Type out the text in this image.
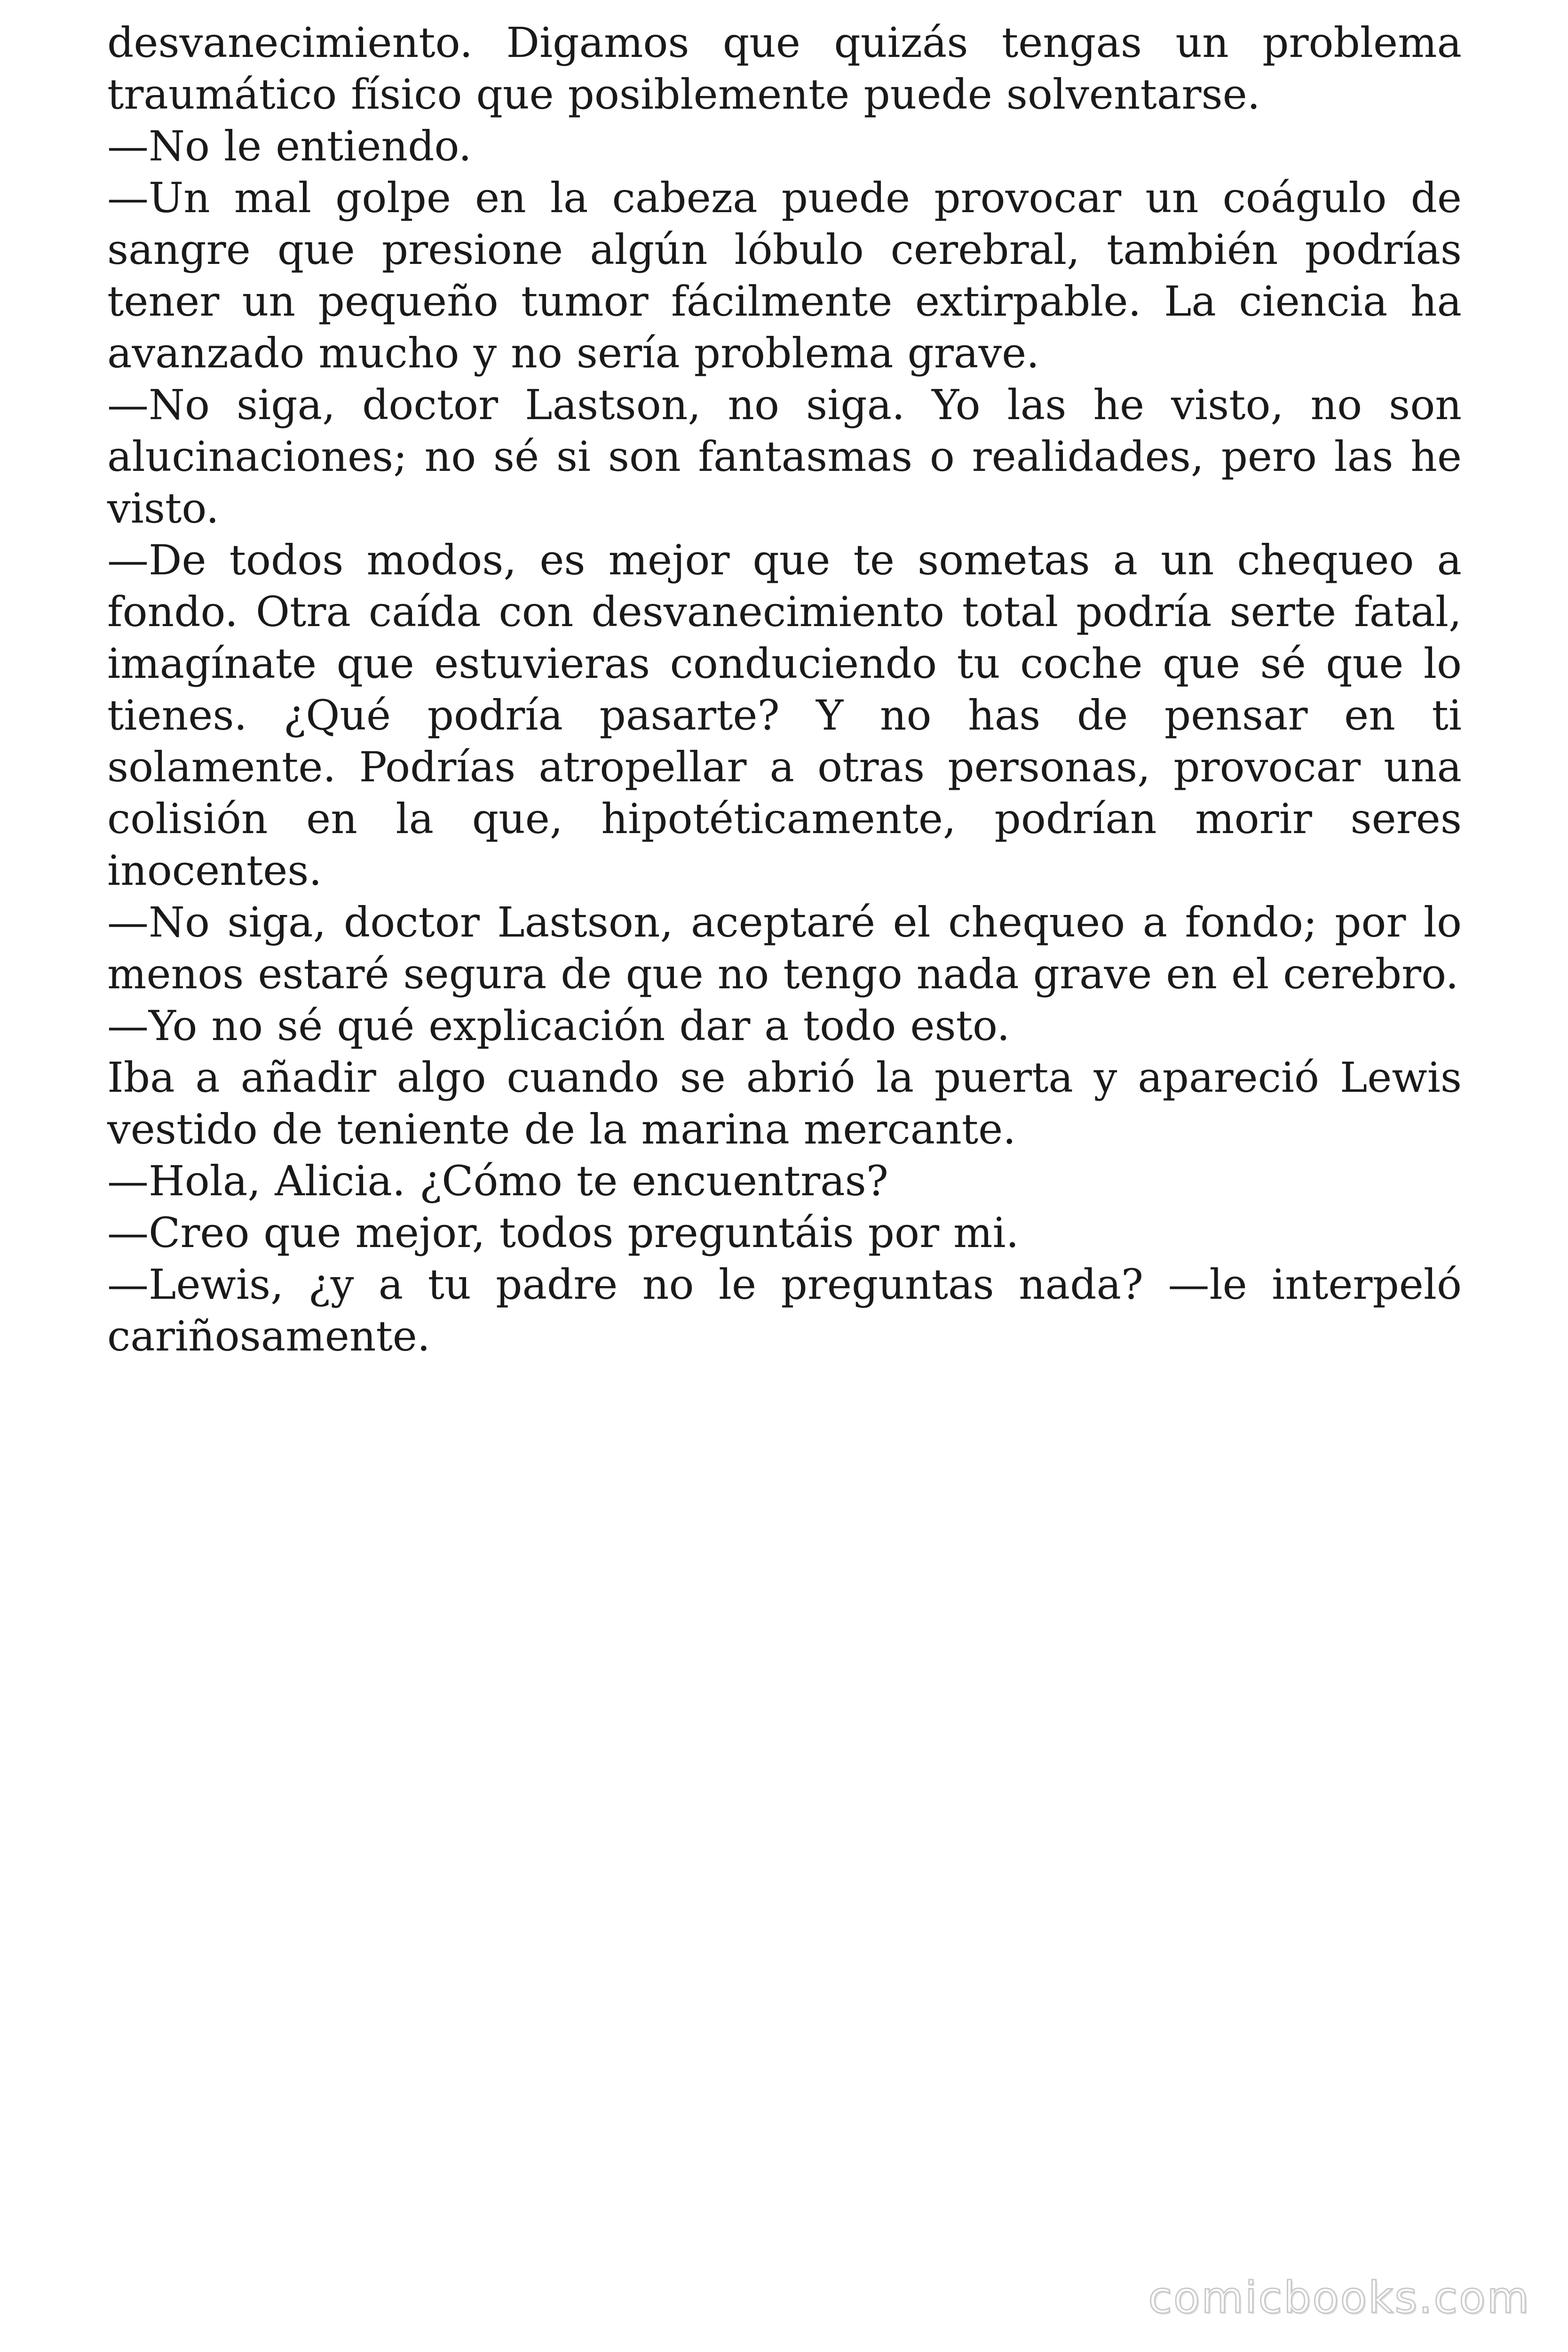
desvanecimiento. Digamos que quizás tengas un problema traumático físico que posiblemente puede solventarse.

—No le entiendo.

—Un mal golpe en la cabeza puede provocar un coágulo de sangre que presione algún lóbulo cerebral, también podrías tener un pequeño tumor fácilmente extirpable. La ciencia ha avanzado mucho y no sería problema grave.

—No siga, doctor Lastson, no siga. Yo las he visto, no son alucinaciones; no sé si son fantasmas o realidades, pero las he visto.

—De todos modos, es mejor que te sometas a un chequeo a fondo. Otra caída con desvanecimiento total podría serte fatal, imagínate que estuvieras conduciendo tu coche que sé que lo tienes. ¿Qué podría pasarte? Y no has de pensar en ti solamente. Podrías atropellar a otras personas, provocar una colisión en la que, hipotéticamente, podrían morir seres inocentes.

—No siga, doctor Lastson, aceptaré el chequeo a fondo; por lo menos estaré segura de que no tengo nada grave en el cerebro.

—Yo no sé qué explicación dar a todo esto.

Iba a añadir algo cuando se abrió la puerta y apareció Lewis vestido de teniente de la marina mercante.

—Hola, Alicia. ¿Cómo te encuentras?

—Creo que mejor, todos preguntáis por mi.

—Lewis, ¿y a tu padre no le preguntas nada? —le interpeló cariñosamente.

comicbooks.com
